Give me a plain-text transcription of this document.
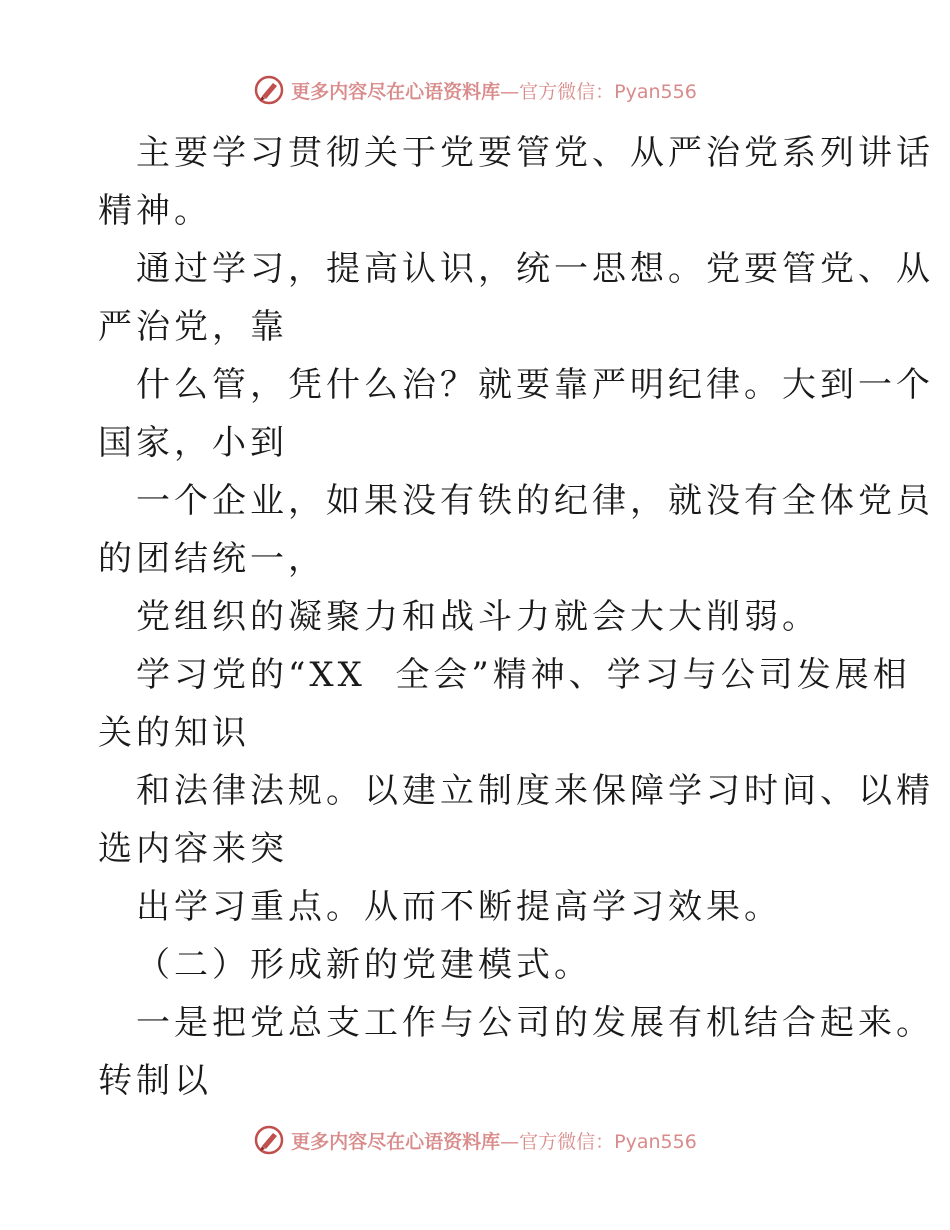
更多内容尽在心语资料库 —官方微信：Pyan556
主要学习贯彻关于党要管党、从严治党系列讲话
精神。
通过学习，提高认识，统一思想。党要管党、从
严治党，靠
什么管，凭什么治？就要靠严明纪律。大到一个
国家，小到
一个企业，如果没有铁的纪律，就没有全体党员
的团结统一，
党组织的凝聚力和战斗力就会大大削弱。
学习党的“XX  全会”精神、学习与公司发展相
关的知识
和法律法规。以建立制度来保障学习时间、以精
选内容来突
出学习重点。从而不断提高学习效果。
（二）形成新的党建模式。
一是把党总支工作与公司的发展有机结合起来。
转制以
更多内容尽在心语资料库 —官方微信：Pyan556
